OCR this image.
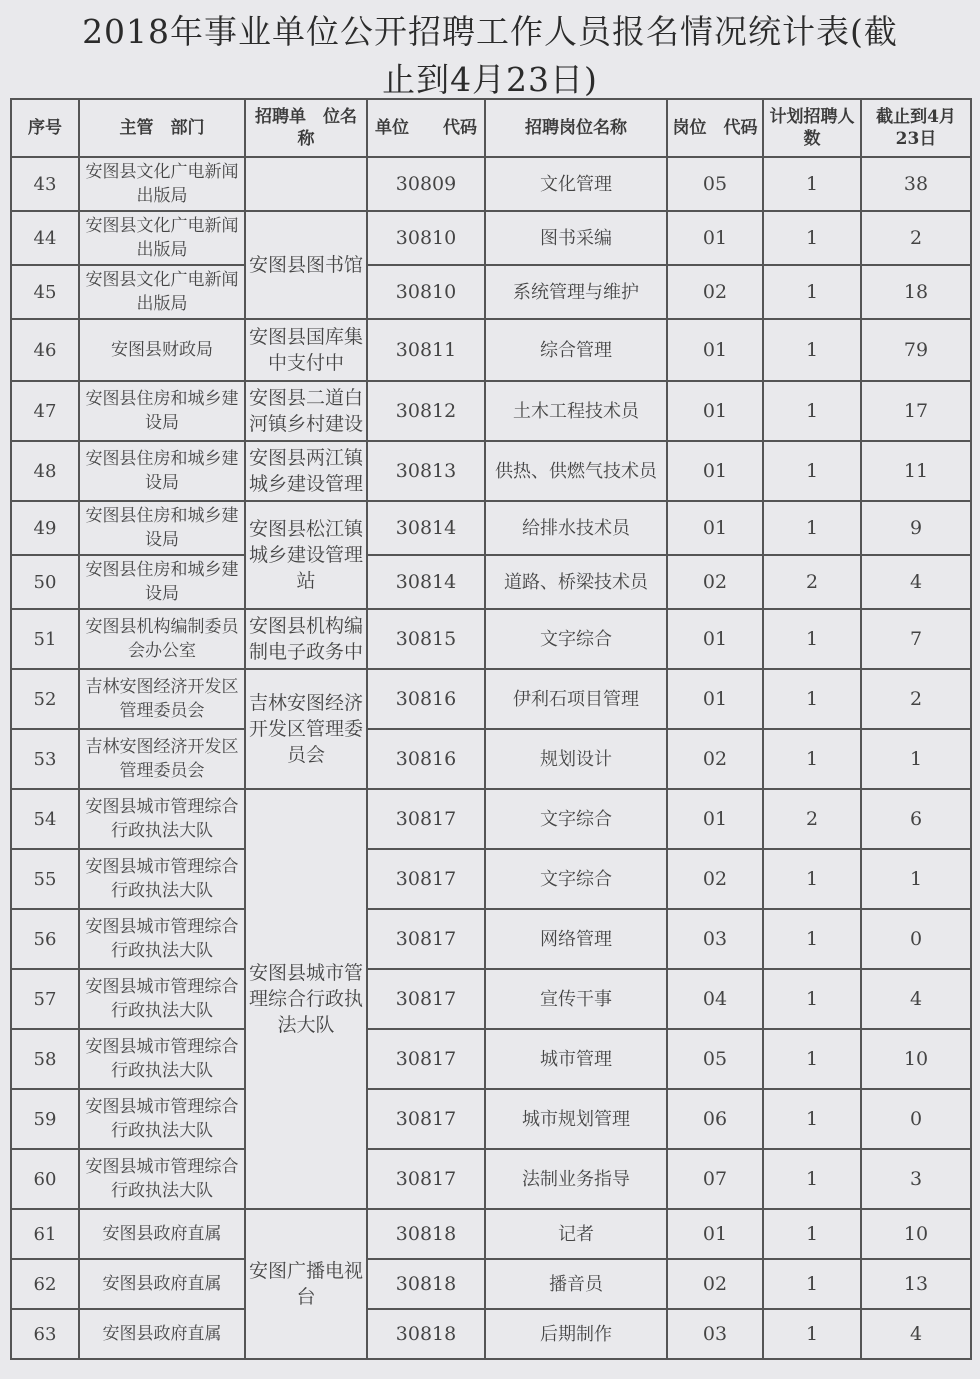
2018年事业单位公开招聘工作人员报名情况统计表(截
止到4月23日)
序号	主管　部门	招聘单　位名称	单位　　代码	招聘岗位名称	岗位　代码	计划招聘人数	截止到4月23日
43	安图县文化广电新闻出版局		30809	文化管理	05	1	38
44	安图县文化广电新闻出版局	安图县图书馆	30810	图书采编	01	1	2
45	安图县文化广电新闻出版局		30810	系统管理与维护	02	1	18
46	安图县财政局	安图县国库集中支付中	30811	综合管理	01	1	79
47	安图县住房和城乡建设局	安图县二道白河镇乡村建设	30812	土木工程技术员	01	1	17
48	安图县住房和城乡建设局	安图县两江镇城乡建设管理	30813	供热、供燃气技术员	01	1	11
49	安图县住房和城乡建设局	安图县松江镇城乡建设管理站	30814	给排水技术员	01	1	9
50	安图县住房和城乡建设局		30814	道路、桥梁技术员	02	2	4
51	安图县机构编制委员会办公室	安图县机构编制电子政务中	30815	文字综合	01	1	7
52	吉林安图经济开发区管理委员会	吉林安图经济开发区管理委员会	30816	伊利石项目管理	01	1	2
53	吉林安图经济开发区管理委员会		30816	规划设计	02	1	1
54	安图县城市管理综合行政执法大队	安图县城市管理综合行政执法大队	30817	文字综合	01	2	6
55	安图县城市管理综合行政执法大队		30817	文字综合	02	1	1
56	安图县城市管理综合行政执法大队		30817	网络管理	03	1	0
57	安图县城市管理综合行政执法大队		30817	宣传干事	04	1	4
58	安图县城市管理综合行政执法大队		30817	城市管理	05	1	10
59	安图县城市管理综合行政执法大队		30817	城市规划管理	06	1	0
60	安图县城市管理综合行政执法大队		30817	法制业务指导	07	1	3
61	安图县政府直属	安图广播电视台	30818	记者	01	1	10
62	安图县政府直属		30818	播音员	02	1	13
63	安图县政府直属		30818	后期制作	03	1	4
